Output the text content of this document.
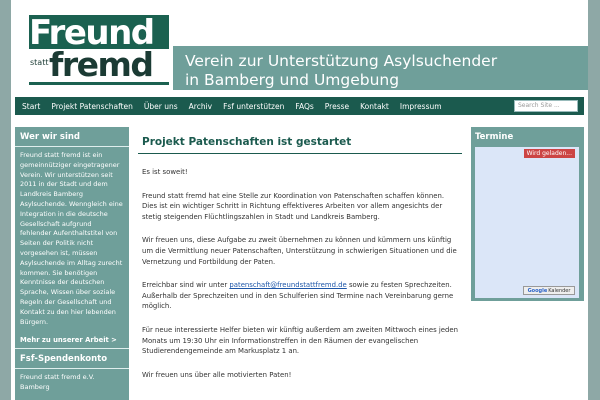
Freund
statt fremd Verein zur Unterstützung Asylsuchender
in Bamberg und Umgebung
Start Projekt Patenschaften Über uns Archiv Fsf unterstützen FAQs Presse Kontakt Impressum	Search Site ...
Wer wir sind
Freund statt fremd ist ein gemeinnütziger eingetragener Verein. Wir unterstützen seit 2011 in der Stadt und dem Landkreis Bamberg Asylsuchende. Wenngleich eine Integration in die deutsche Gesellschaft aufgrund fehlender Aufenthaltstitel von Seiten der Politik nicht vorgesehen ist, müssen Asylsuchende im Alltag zurecht kommen. Sie benötigen Kenntnisse der deutschen Sprache, Wissen über soziale Regeln der Gesellschaft und Kontakt zu den hier lebenden Bürgern.
Mehr zu unserer Arbeit >
Fsf-Spendenkonto
Freund statt fremd e.V.
Bamberg
Projekt Patenschaften ist gestartet

Es ist soweit!

Freund statt fremd hat eine Stelle zur Koordination von Patenschaften schaffen können. Dies ist ein wichtiger Schritt in Richtung effektiveres Arbeiten vor allem angesichts der stetig steigenden Flüchtlingszahlen in Stadt und Landkreis Bamberg.

Wir freuen uns, diese Aufgabe zu zweit übernehmen zu können und kümmern uns künftig um die Vermittlung neuer Patenschaften, Unterstützung in schwierigen Situationen und die Vernetzung und Fortbildung der Paten.

Erreichbar sind wir unter patenschaft@freundstattfremd.de sowie zu festen Sprechzeiten. Außerhalb der Sprechzeiten und in den Schulferien sind Termine nach Vereinbarung gerne möglich.

Für neue interessierte Helfer bieten wir künftig außerdem am zweiten Mittwoch eines jeden Monats um 19:30 Uhr ein Informationstreffen in den Räumen der evangelischen Studierendengemeinde am Markusplatz 1 an.

Wir freuen uns über alle motivierten Paten!

Termine
Wird geladen...
Google Kalender
